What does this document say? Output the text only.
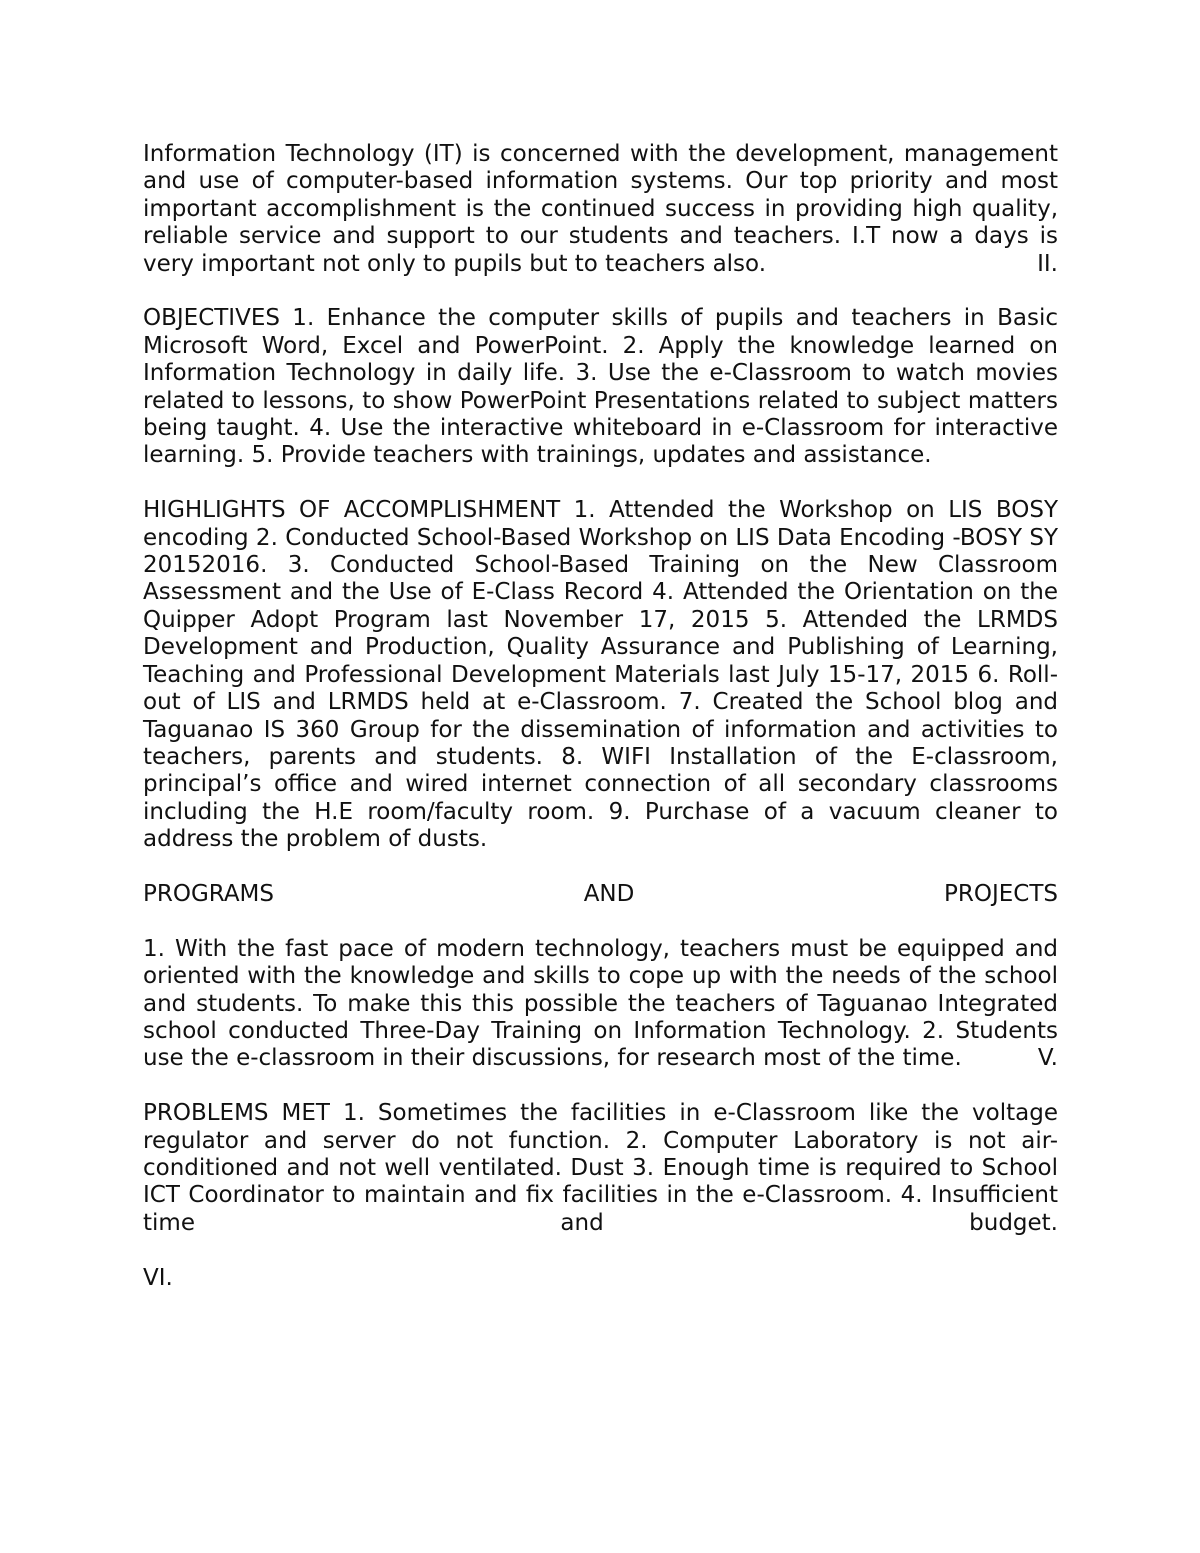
Information Technology (IT) is concerned with the development, management and use of computer-based information systems. Our top priority and most important accomplishment is the continued success in providing high quality, reliable service and support to our students and teachers. I.T now a days is very important not only to pupils but to teachers also.	II.

OBJECTIVES 1. Enhance the computer skills of pupils and teachers in Basic Microsoft Word, Excel and PowerPoint. 2. Apply the knowledge learned on Information Technology in daily life. 3. Use the e-Classroom to watch movies related to lessons, to show PowerPoint Presentations related to subject matters being taught. 4. Use the interactive whiteboard in e-Classroom for interactive learning. 5. Provide teachers with trainings, updates and assistance.

HIGHLIGHTS OF ACCOMPLISHMENT 1. Attended the Workshop on LIS BOSY encoding 2. Conducted School-Based Workshop on LIS Data Encoding -BOSY SY 20152016. 3. Conducted School-Based Training on the New Classroom Assessment and the Use of E-Class Record 4. Attended the Orientation on the Quipper Adopt Program last November 17, 2015 5. Attended the LRMDS Development and Production, Quality Assurance and Publishing of Learning, Teaching and Professional Development Materials last July 15-17, 2015 6. Roll-out of LIS and LRMDS held at e-Classroom. 7. Created the School blog and Taguanao IS 360 Group for the dissemination of information and activities to teachers, parents and students. 8. WIFI Installation of the E-classroom, principal’s office and wired internet connection of all secondary classrooms including the H.E room/faculty room. 9. Purchase of a vacuum cleaner to address the problem of dusts.

PROGRAMS	AND	PROJECTS

1. With the fast pace of modern technology, teachers must be equipped and oriented with the knowledge and skills to cope up with the needs of the school and students. To make this this possible the teachers of Taguanao Integrated school conducted Three-Day Training on Information Technology. 2. Students use the e-classroom in their discussions, for research most of the time.	V.

PROBLEMS MET 1. Sometimes the facilities in e-Classroom like the voltage regulator and server do not function. 2. Computer Laboratory is not air-conditioned and not well ventilated. Dust 3. Enough time is required to School ICT Coordinator to maintain and fix facilities in the e-Classroom. 4. Insufficient time and budget.

VI.
